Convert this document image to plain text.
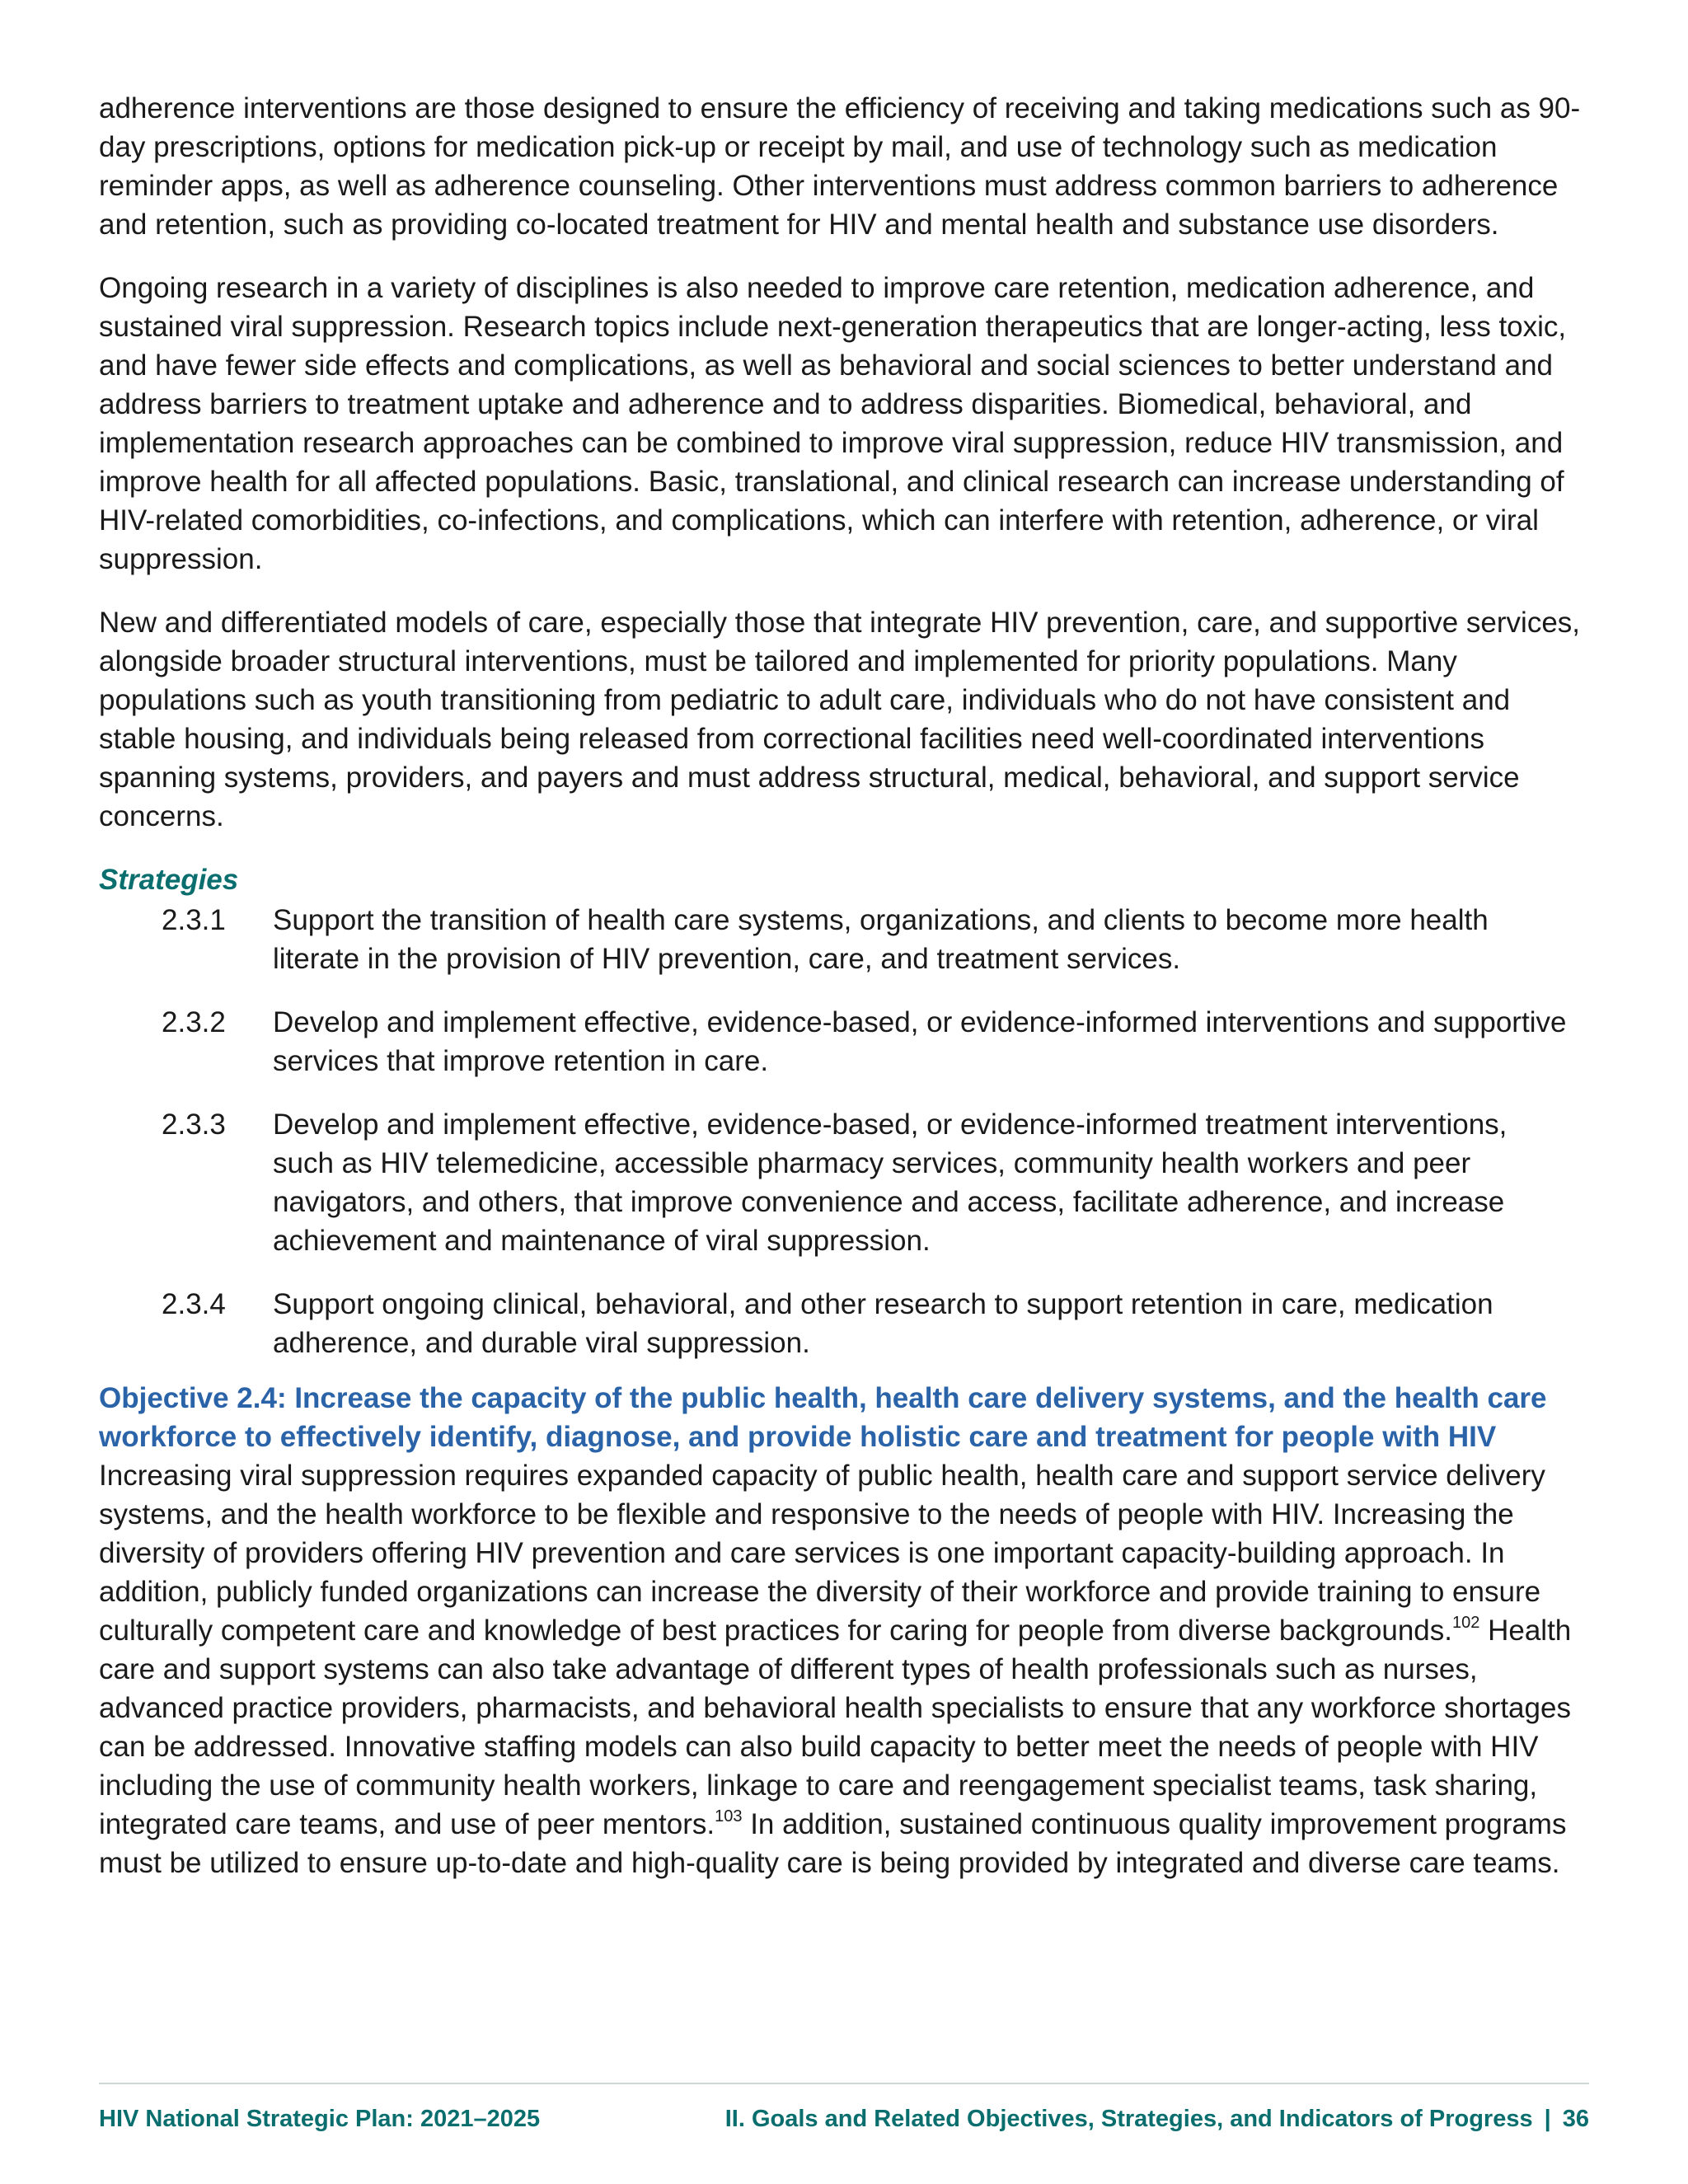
adherence interventions are those designed to ensure the efficiency of receiving and taking medications such as 90-day prescriptions, options for medication pick-up or receipt by mail, and use of technology such as medication reminder apps, as well as adherence counseling. Other interventions must address common barriers to adherence and retention, such as providing co-located treatment for HIV and mental health and substance use disorders.

Ongoing research in a variety of disciplines is also needed to improve care retention, medication adherence, and sustained viral suppression. Research topics include next-generation therapeutics that are longer-acting, less toxic, and have fewer side effects and complications, as well as behavioral and social sciences to better understand and address barriers to treatment uptake and adherence and to address disparities. Biomedical, behavioral, and implementation research approaches can be combined to improve viral suppression, reduce HIV transmission, and improve health for all affected populations. Basic, translational, and clinical research can increase understanding of HIV-related comorbidities, co-infections, and complications, which can interfere with retention, adherence, or viral suppression.

New and differentiated models of care, especially those that integrate HIV prevention, care, and supportive services, alongside broader structural interventions, must be tailored and implemented for priority populations. Many populations such as youth transitioning from pediatric to adult care, individuals who do not have consistent and stable housing, and individuals being released from correctional facilities need well-coordinated interventions spanning systems, providers, and payers and must address structural, medical, behavioral, and support service concerns.

Strategies
2.3.1	Support the transition of health care systems, organizations, and clients to become more health literate in the provision of HIV prevention, care, and treatment services.
2.3.2	Develop and implement effective, evidence-based, or evidence-informed interventions and supportive services that improve retention in care.
2.3.3	Develop and implement effective, evidence-based, or evidence-informed treatment interventions, such as HIV telemedicine, accessible pharmacy services, community health workers and peer navigators, and others, that improve convenience and access, facilitate adherence, and increase achievement and maintenance of viral suppression.
2.3.4	Support ongoing clinical, behavioral, and other research to support retention in care, medication adherence, and durable viral suppression.
Objective 2.4: Increase the capacity of the public health, health care delivery systems, and the health care workforce to effectively identify, diagnose, and provide holistic care and treatment for people with HIV

Increasing viral suppression requires expanded capacity of public health, health care and support service delivery systems, and the health workforce to be flexible and responsive to the needs of people with HIV. Increasing the diversity of providers offering HIV prevention and care services is one important capacity-building approach. In addition, publicly funded organizations can increase the diversity of their workforce and provide training to ensure culturally competent care and knowledge of best practices for caring for people from diverse backgrounds.$^{102}$ Health care and support systems can also take advantage of different types of health professionals such as nurses, advanced practice providers, pharmacists, and behavioral health specialists to ensure that any workforce shortages can be addressed. Innovative staffing models can also build capacity to better meet the needs of people with HIV including the use of community health workers, linkage to care and reengagement specialist teams, task sharing, integrated care teams, and use of peer mentors.$^{103}$ In addition, sustained continuous quality improvement programs must be utilized to ensure up-to-date and high-quality care is being provided by integrated and diverse care teams.

HIV National Strategic Plan: 2021–2025	II. Goals and Related Objectives, Strategies, and Indicators of Progress | 36
